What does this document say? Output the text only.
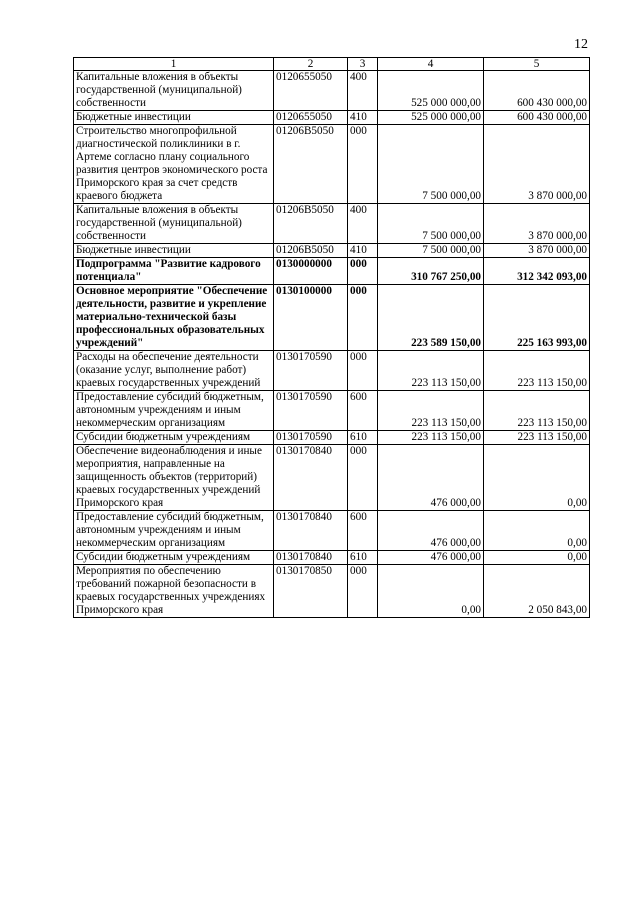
12
1	2	3	4	5
Капитальные вложения в объекты государственной (муниципальной) собственности	0120655050	400	525 000 000,00	600 430 000,00
Бюджетные инвестиции	0120655050	410	525 000 000,00	600 430 000,00
Строительство многопрофильной диагностической поликлиники в г. Артеме согласно плану социального развития центров экономического роста Приморского края за счет средств краевого бюджета	01206B5050	000	7 500 000,00	3 870 000,00
Капитальные вложения в объекты государственной (муниципальной) собственности	01206B5050	400	7 500 000,00	3 870 000,00
Бюджетные инвестиции	01206B5050	410	7 500 000,00	3 870 000,00
Подпрограмма "Развитие кадрового потенциала"	0130000000	000	310 767 250,00	312 342 093,00
Основное мероприятие "Обеспечение деятельности, развитие и укрепление материально-технической базы профессиональных образовательных учреждений"	0130100000	000	223 589 150,00	225 163 993,00
Расходы на обеспечение деятельности (оказание услуг, выполнение работ) краевых государственных учреждений	0130170590	000	223 113 150,00	223 113 150,00
Предоставление субсидий бюджетным, автономным учреждениям и иным некоммерческим организациям	0130170590	600	223 113 150,00	223 113 150,00
Субсидии бюджетным учреждениям	0130170590	610	223 113 150,00	223 113 150,00
Обеспечение видеонаблюдения и иные мероприятия, направленные на защищенность объектов (территорий) краевых государственных учреждений Приморского края	0130170840	000	476 000,00	0,00
Предоставление субсидий бюджетным, автономным учреждениям и иным некоммерческим организациям	0130170840	600	476 000,00	0,00
Субсидии бюджетным учреждениям	0130170840	610	476 000,00	0,00
Мероприятия по обеспечению требований пожарной безопасности в краевых государственных учреждениях Приморского края	0130170850	000	0,00	2 050 843,00
